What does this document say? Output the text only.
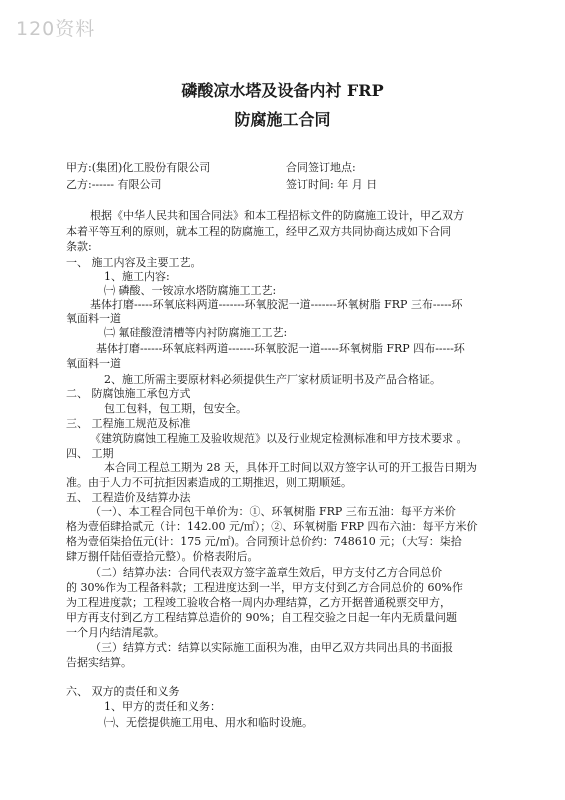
120资料
磷酸凉水塔及设备内衬 FRP
防腐施工合同
甲方:(集团)化工股份有限公司	合同签订地点:
乙方:------ 有限公司	签订时间: 年 月 日
根据《中华人民共和国合同法》和本工程招标文件的防腐施工设计，甲乙双方
本着平等互利的原则，就本工程的防腐施工，经甲乙双方共同协商达成如下合同
条款:
一、 施工内容及主要工艺。
1、施工内容:
㈠ 磷酸、一铵凉水塔防腐施工工艺:
基体打磨-----环氧底料两道-------环氧胶泥一道-------环氧树脂 FRP 三布-----环
氧面料一道
㈡ 氟硅酸澄清槽等内衬防腐施工工艺:
基体打磨------环氧底料两道-------环氧胶泥一道-----环氧树脂 FRP 四布-----环
氧面料一道
2、施工所需主要原材料必须提供生产厂家材质证明书及产品合格证。
二、 防腐蚀施工承包方式
包工包料，包工期，包安全。
三、 工程施工规范及标准
《建筑防腐蚀工程施工及验收规范》以及行业规定检测标准和甲方技术要求 。
四、 工期
本合同工程总工期为 28 天，具体开工时间以双方签字认可的开工报告日期为
准。由于人力不可抗拒因素造成的工期推迟，则工期顺延。
五、 工程造价及结算办法
（一）、本工程合同包干单价为：①、环氧树脂 FRP 三布五油：每平方米价
格为壹佰肆拾贰元（计：142.00 元/㎡）；②、环氧树脂 FRP 四布六油：每平方米价
格为壹佰柒拾伍元(计：175 元/㎡)。合同预计总价约：748610 元；（大写：柒拾
肆万捌仟陆佰壹拾元整）。价格表附后。
（二）结算办法：合同代表双方签字盖章生效后，甲方支付乙方合同总价
的 30%作为工程备料款；工程进度达到一半，甲方支付到乙方合同总价的 60%作
为工程进度款；工程竣工验收合格一周内办理结算，乙方开据普通税票交甲方，
甲方再支付到乙方工程结算总造价的 90%；自工程交验之日起一年内无质量问题
一个月内结清尾款。
（三）结算方式：结算以实际施工面积为准，由甲乙双方共同出具的书面报
告据实结算。
六、 双方的责任和义务
1、甲方的责任和义务：
㈠、无偿提供施工用电、用水和临时设施。
